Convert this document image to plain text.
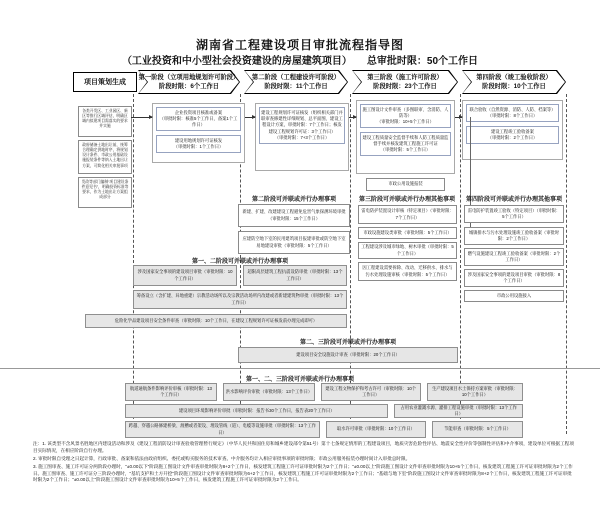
湖南省工程建设项目审批流程指导图
（工业投资和中小型社会投资建设的房屋建筑项目）　　总审批时限：50个工作日
项目策划生成
第一阶段（立项用地规划许可阶段）
阶段时限：6个工作日
第二阶段（工程建设许可阶段）
阶段时限：11个工作日
第三阶段（施工许可阶段）
阶段时限：23个工作日
第四阶段（竣工验收阶段）
阶段时限：10个工作日
各类开发区、工业园区、新区等推行区域评估，明确区域内拟建项目需落实的要求并实施
政府储备土地出让前，统筹合理确定供地时序，将规划设计条件、市政公用基础设施报装条件等纳入土地出让方案，可简化相关审批事项
发改等部门编制“项目建设条件意见书”，明确投资标准等要求，作为土地出让方案组成部分
企业投资项目核准或备案
（审批时限：核准5个工作日，备案1个工作日）
建设用地规划许可证核发
（审批时限：1个工作日）
建设工程规划许可证核发（组织相关部门并联审查修建性详细规划、总平面图、建设工程设计方案，审批时限：7个工作日；核发建设工程规划许可证：3个工作日）
（审批时限：7+3个工作日）
施工图设计文件审查（多图联审、含消防、人防等）
（审批时限：10+5个工作日）
建设工程质量安全监督手续和人防工程质量监督手续并核发建筑工程施工许可证
（审批时限：5个工作日）
市政公用设施报装
联合验收（自然资源、消防、人防、档案等）
（审批时限：8个工作日）
建设工程竣工验收备案
（审批时限：2个工作日）
第二阶段可并联或并行办理事项
新建、扩建、改建建设工程避免危害气象探测环境审批（审批时限：15个工作日）
应建防空地下室的民用建筑项目报建审批或防空地下室易地建设审批（审批时限：5个工作日）
第三阶段可并联或并行办理其他事项
雷电防护装置设计审核（特定项目）（审批时限：7个工作日）
市政设施建设类审批（审批时限：5个工作日）
工程建设涉及城市绿地、树木审批（审批时限：5个工作日）
因工程建设需要拆除、改动、迁移供水、排水与污水处理设施审核（审批时限：5个工作日）
第四阶段可并联或并行办理其他事项
雷电防护装置竣工验收（特定项目）（审批时限：5个工作日）
城镇排水与污水处理设施竣工验收备案（审批时限：2个工作日）
燃气设施建设工程竣工验收备案（审批时限：2个工作日）
涉及国家安全事项的建设项目审批（审批时限：8个工作日）
市政公用设施接入
第一、二阶段可并联或并行办理事项
涉及国家安全事项的建设项目审批（审批时限：10个工作日）
超限高层建筑工程抗震设防审批（审批时限：13个工作日）
筹备设立（含扩建、异地重建）宗教活动场所以及宗教活动场所内改建或者新建建筑物审批（审批时限：13个工作日）
危险化学品建设项目安全条件审查（审批时限：10个工作日，在建设工程规划许可证核发前办理完成即可）
第二、三阶段可并联或并行办理事项
建设项目安全设施设计审查（审批时限：20个工作日）
第一、二、三阶段可并联或并行办理事项
航道通航条件影响评价审核（审批时限：13个工作日）
洪水影响评价审批（审批时限：13个工作日）
建设工程文物保护和考古许可（审批时限：10个工作日）
生产建设项目水土保持方案审批（审批时限：10个工作日）
建设项目环境影响评价审批（审批时限：报告书30个工作日，报告表20个工作日）
占用农业灌溉水源、灌排工程设施审批（审批时限：13个工作日）
跨越、穿越公路修建桥梁、渡槽或者架设、埋设管线（道）、电缆等设施审批（审批时限：13个工作日）
取水许可审批（审批时限：10个工作日）	节能审查（审批时限：5个工作日）

注：1. 该类型不含风景名胜地区内建设活动和涉及《建设工程消防设计审查验收管理暂行规定》（中华人民共和国住房和城乡建设部令第51号）第十七条规定情形的工程建设项目，地质灾害危险性评估、地震安全性评价等强制性评估和中介事项，建设单位可根据工程项目实际情况，在相应阶段自行办理。

2. 审批时限自受理之日起计算，行政审批、备案和依法由政府组织、委托或购买服务的技术审查、中介服务均计入相应审批事项的审批时限；市政公用服务报装办理时间计入审批总时限。

3. 施工图审查、施工许可证分两阶段办理时，“±0.00以下”阶段施工图设计文件审查审批时限为8+2个工作日，核发建筑工程施工许可证审批时限为2个工作日；“±0.00以上”阶段施工图设计文件审查审批时限为10+5个工作日，核发建筑工程施工许可证审批时限为2个工作日。施工图审查、施工许可证分三阶段办理时，“基坑支护和土方开挖”阶段施工图设计文件审查审批时限为6+2个工作日，核发建筑工程施工许可证审批时限为2个工作日；“基础与地下室”阶段施工图设计文件审查审批时限为8+2个工作日，核发建筑工程施工许可证审批时限为2个工作日；“±0.00以上”阶段施工图设计文件审查审批时限为10+5个工作日，核发建筑工程施工许可证审批时限为2个工作日。
